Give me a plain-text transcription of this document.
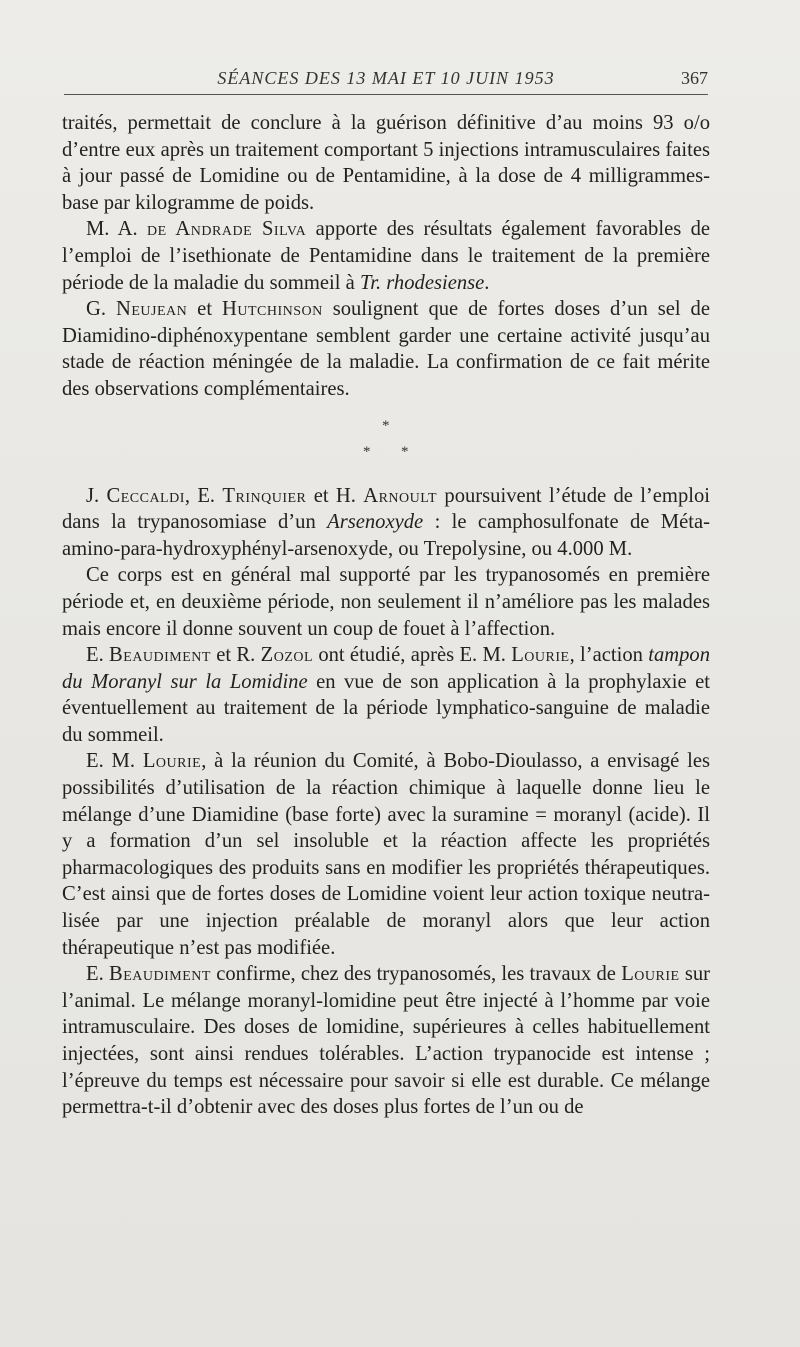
SÉANCES DES 13 MAI ET 10 JUIN 1953	367

traités, permettait de conclure à la guérison définitive d’au moins 93 o/o d’entre eux après un traitement comportant 5 injections intramusculaires faites à jour passé de Lomidine ou de Pentamidine, à la dose de 4 milligrammes-base par kilogramme de poids.

M. A. de Andrade Silva apporte des résultats également favorables de l’emploi de l’isethionate de Pentamidine dans le traitement de la première période de la maladie du sommeil à Tr. rhodesiense.

G. Neujean et Hutchinson soulignent que de fortes doses d’un sel de Diamidino-diphénoxypentane semblent garder une certaine activité jusqu’au stade de réaction méningée de la maladie. La confirmation de ce fait mérite des observations complémentaires.

*
* *

J. Ceccaldi, E. Trinquier et H. Arnoult poursuivent l’étude de l’emploi dans la trypanosomiase d’un Arsenoxyde : le camphosulfonate de Méta-amino-para-hydroxyphényl-arsenoxyde, ou Trepolysine, ou 4.000 M.

Ce corps est en général mal supporté par les trypanosomés en première période et, en deuxième période, non seulement il n’améliore pas les malades mais encore il donne souvent un coup de fouet à l’affection.

E. Beaudiment et R. Zozol ont étudié, après E. M. Lourie, l’action tampon du Moranyl sur la Lomidine en vue de son application à la prophylaxie et éventuellement au traitement de la période lymphatico-sanguine de maladie du sommeil.

E. M. Lourie, à la réunion du Comité, à Bobo-Dioulasso, a envisagé les possibilités d’utilisation de la réaction chimique à laquelle donne lieu le mélange d’une Diamidine (base forte) avec la suramine = moranyl (acide). Il y a formation d’un sel insoluble et la réaction affecte les propriétés pharmacologiques des produits sans en modifier les propriétés thérapeutiques. C’est ainsi que de fortes doses de Lomidine voient leur action toxique neutralisée par une injection préalable de moranyl alors que leur action thérapeutique n’est pas modifiée.

E. Beaudiment confirme, chez des trypanosomés, les travaux de Lourie sur l’animal. Le mélange moranyl-lomidine peut être injecté à l’homme par voie intramusculaire. Des doses de lomidine, supérieures à celles habituellement injectées, sont ainsi rendues tolérables. L’action trypanocide est intense ; l’épreuve du temps est nécessaire pour savoir si elle est durable. Ce mélange permettra-t-il d’obtenir avec des doses plus fortes de l’un ou de
